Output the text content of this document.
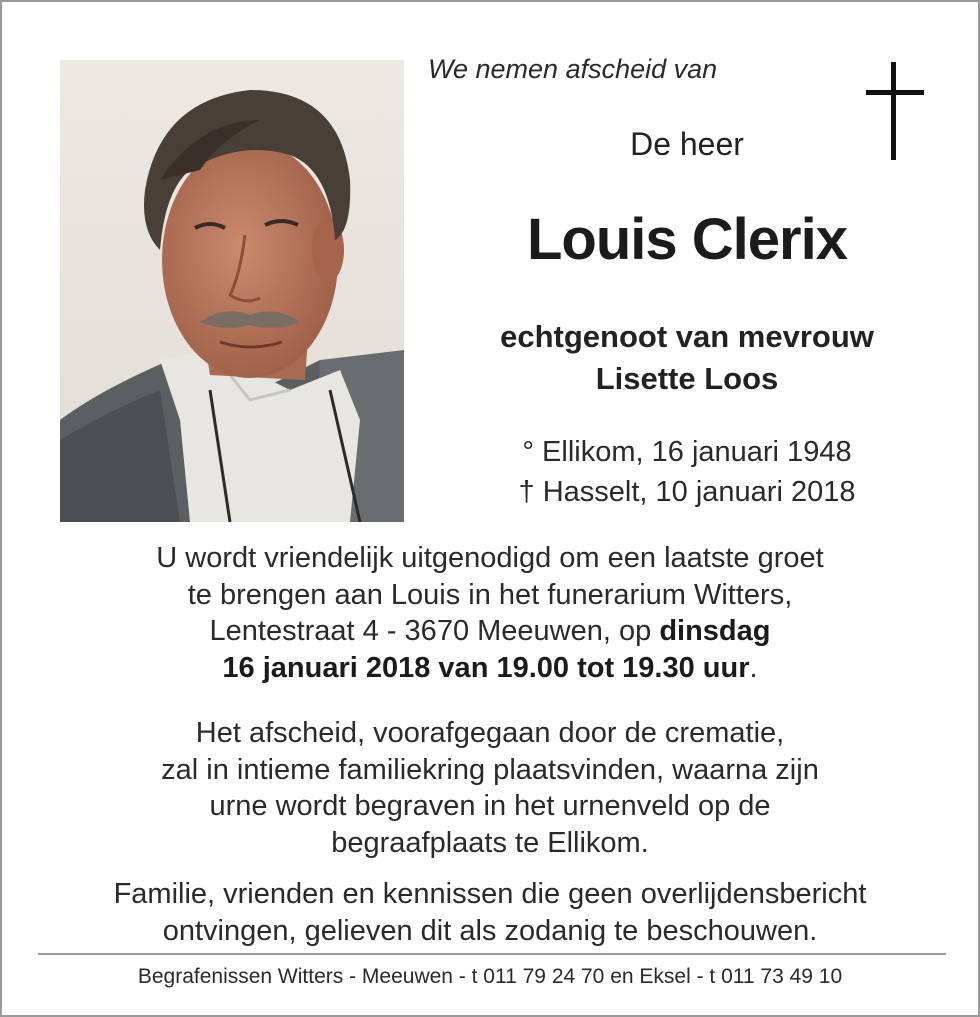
We nemen afscheid van
De heer
Louis Clerix
echtgenoot van mevrouw
Lisette Loos
° Ellikom, 16 januari 1948
† Hasselt, 10 januari 2018
U wordt vriendelijk uitgenodigd om een laatste groet
te brengen aan Louis in het funerarium Witters,
Lentestraat 4 - 3670 Meeuwen, op dinsdag
16 januari 2018 van 19.00 tot 19.30 uur.
Het afscheid, voorafgegaan door de crematie,
zal in intieme familiekring plaatsvinden, waarna zijn
urne wordt begraven in het urnenveld op de
begraafplaats te Ellikom.
Familie, vrienden en kennissen die geen overlijdensbericht
ontvingen, gelieven dit als zodanig te beschouwen.
Begrafenissen Witters - Meeuwen - t 011 79 24 70 en Eksel - t 011 73 49 10
